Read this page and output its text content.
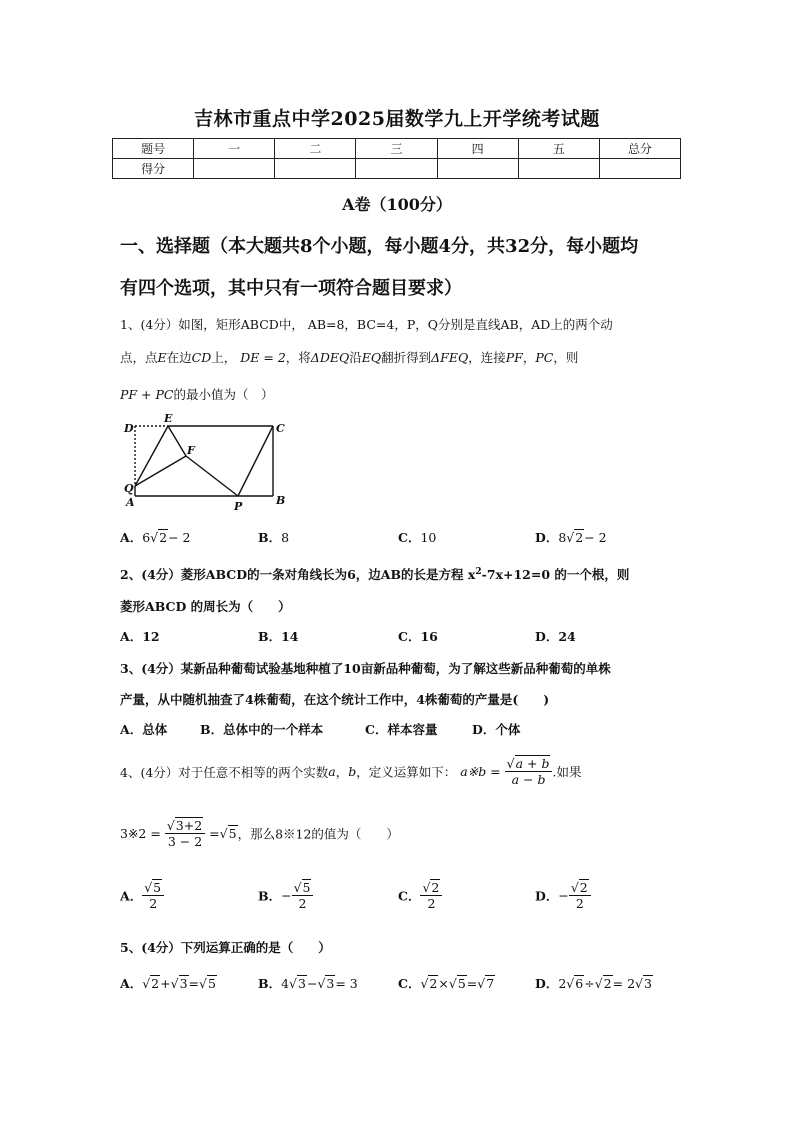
吉林市重点中学2025届数学九上开学统考试题
题号	一	二	三	四	五	总分
得分						
A卷（100分）
一、选择题（本大题共8个小题，每小题4分，共32分，每小题均
有四个选项，其中只有一项符合题目要求）
1、(4分）如图，矩形ABCD中， AB=8，BC=4，P，Q分别是直线AB，AD上的两个动
点，点E在边CD上， DE = 2，将ΔDEQ沿EQ翻折得到ΔFEQ，连接PF，PC，则
PF + PC的最小值为（　）
D
E
C
F
Q
A	P	B
A．6√2− 2	B．8	C．10	D．8√2− 2
2、(4分）菱形ABCD的一条对角线长为6，边AB的长是方程 $x^2-7x+12=0$ 的一个根，则
菱形ABCD 的周长为（　　）
A．12	B．14	C．16	D．24
3、(4分）某新品种葡萄试验基地种植了10亩新品种葡萄，为了解这些新品种葡萄的单株
产量，从中随机抽查了4株葡萄，在这个统计工作中，4株葡萄的产量是(　　)
A．总体	B．总体中的一个样本	C．样本容量	D．个体
4、(4分）对于任意不相等的两个实数a，b，定义运算如下： a※b = $\frac{√a + b}{a - b}$ .如果
3※2 = $\frac{√3+2}{3 - 2} =√5$，那么8※12的值为（　　）
A． $\frac{√5}{2}$	B．− $\frac{√5}{2}$	C． $\frac{√2}{2}$	D．− $\frac{√2}{2}$
5、(4分）下列运算正确的是（　　）
A．√2+√3=√5	B．4√3−√3= 3	C．√2×√5=√7	D．2√6÷√2= 2√3
